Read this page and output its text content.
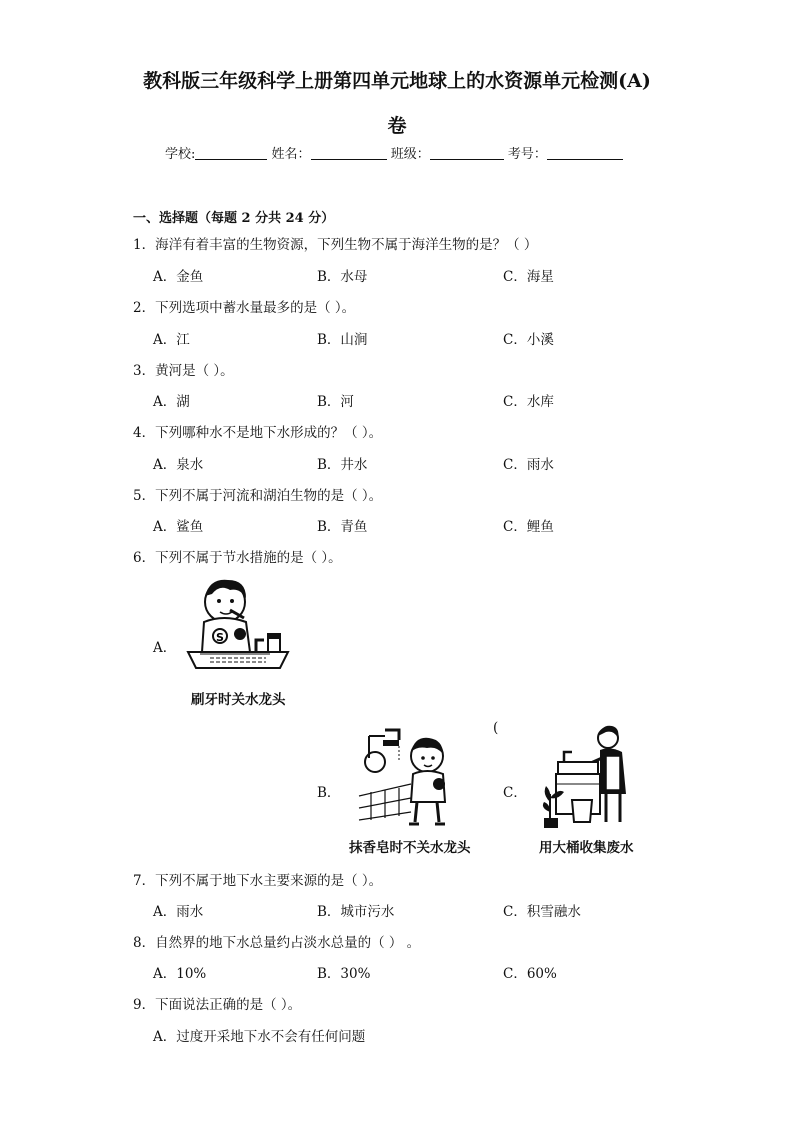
教科版三年级科学上册第四单元地球上的水资源单元检测(A)
卷
学校:	姓名：	班级：	考号：
一、选择题（每题 2 分共 24 分）
1．海洋有着丰富的生物资源，下列生物不属于海洋生物的是？（ ）
A．金鱼	B．水母	C．海星
2．下列选项中蓄水量最多的是（ ）。
A．江	B．山涧	C．小溪
3．黄河是（ ）。
A．湖	B．河	C．水库
4．下列哪种水不是地下水形成的？（ ）。
A．泉水	B．井水	C．雨水
5．下列不属于河流和湖泊生物的是（ ）。
A．鲨鱼	B．青鱼	C．鲤鱼
6．下列不属于节水措施的是（ ）。
A．
S
刷牙时关水龙头
(
B．
抹香皂时不关水龙头
C．
用大桶收集废水
7．下列不属于地下水主要来源的是（ ）。
A．雨水	B．城市污水	C．积雪融水
8．自然界的地下水总量约占淡水总量的（ ） 。
A．10%	B．30%	C．60%
9．下面说法正确的是（ ）。
A．过度开采地下水不会有任何问题
